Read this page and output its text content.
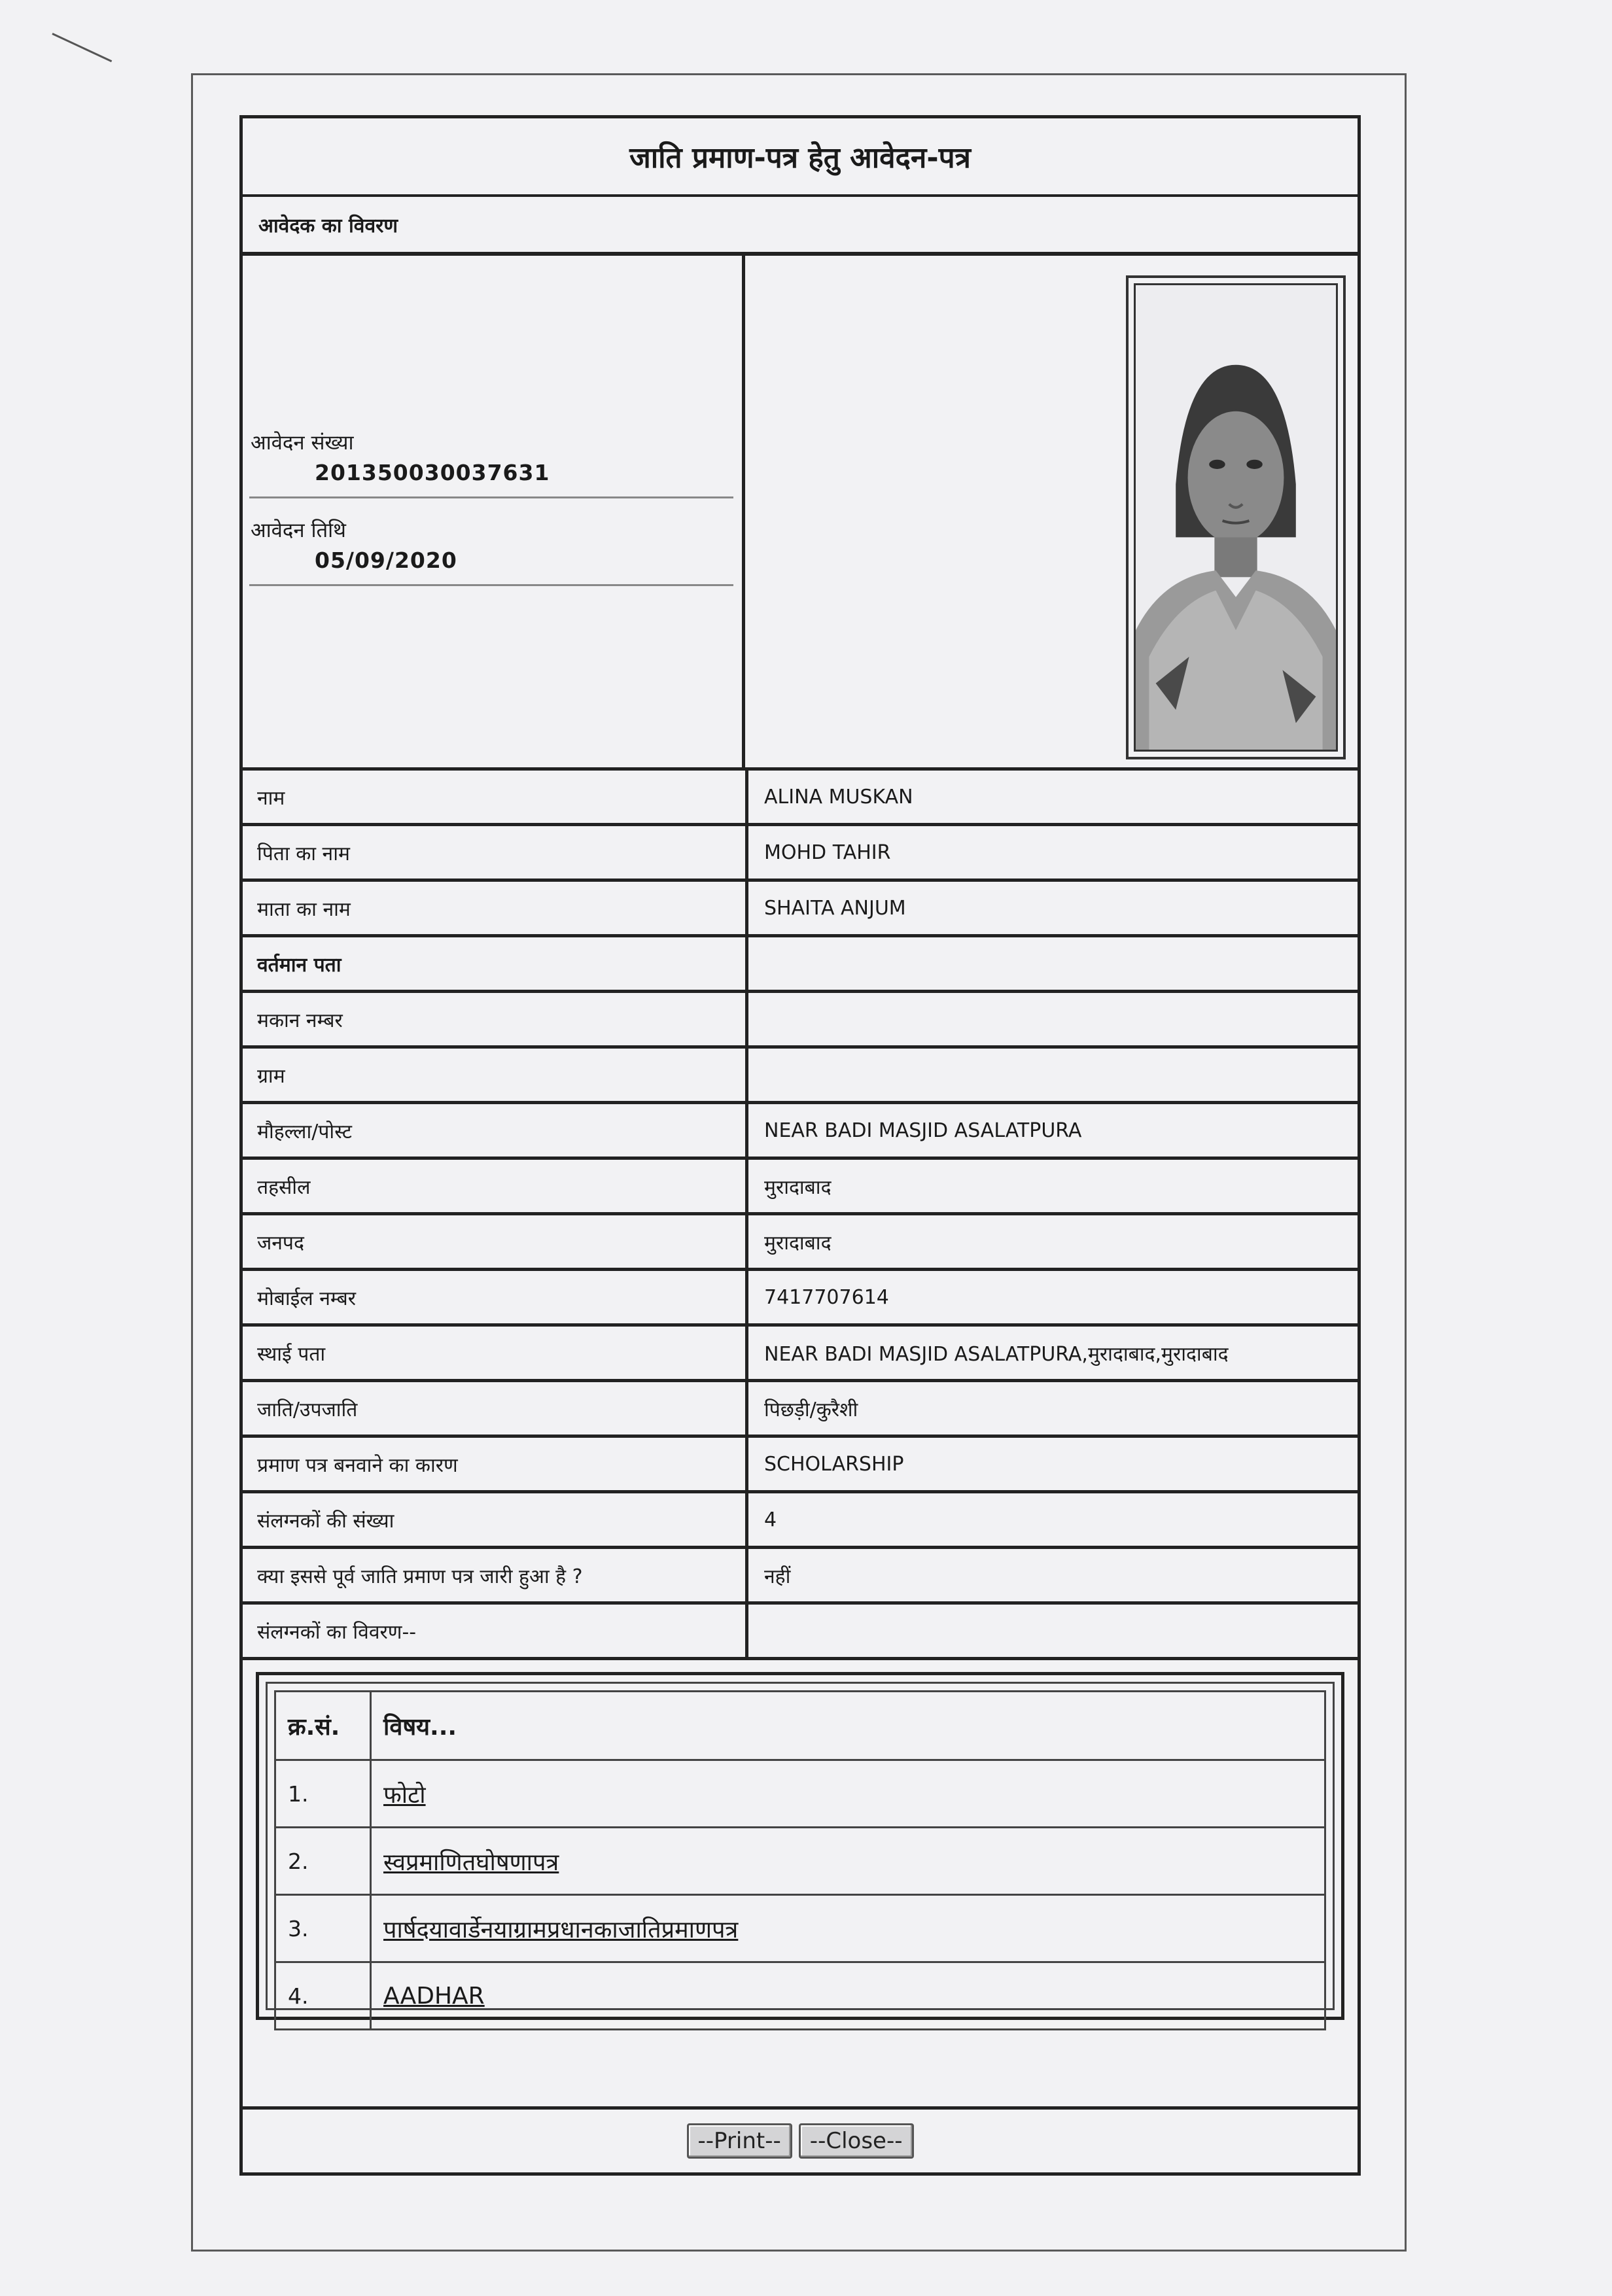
जाति प्रमाण-पत्र हेतु आवेदन-पत्र
आवेदक का विवरण
आवेदन संख्या
201350030037631
आवेदन तिथि
05/09/2020
नाम	ALINA MUSKAN
पिता का नाम	MOHD TAHIR
माता का नाम	SHAITA ANJUM
वर्तमान पता	
मकान नम्बर	
ग्राम	
मौहल्ला/पोस्ट	NEAR BADI MASJID ASALATPURA
तहसील	मुरादाबाद
जनपद	मुरादाबाद
मोबाईल नम्बर	7417707614
स्थाई पता	NEAR BADI MASJID ASALATPURA,मुरादाबाद,मुरादाबाद
जाति/उपजाति	पिछड़ी/कुरैशी
प्रमाण पत्र बनवाने का कारण	SCHOLARSHIP
संलग्नकों की संख्या	4
क्या इससे पूर्व जाति प्रमाण पत्र जारी हुआ है ?	नहीं
संलग्नकों का विवरण--	
क्र.सं.	विषय...
1.	फोटो
2.	स्वप्रमाणितघोषणापत्र
3.	पार्षदयावार्डेनयाग्रामप्रधानकाजातिप्रमाणपत्र
4.	AADHAR
--Print--	--Close--
